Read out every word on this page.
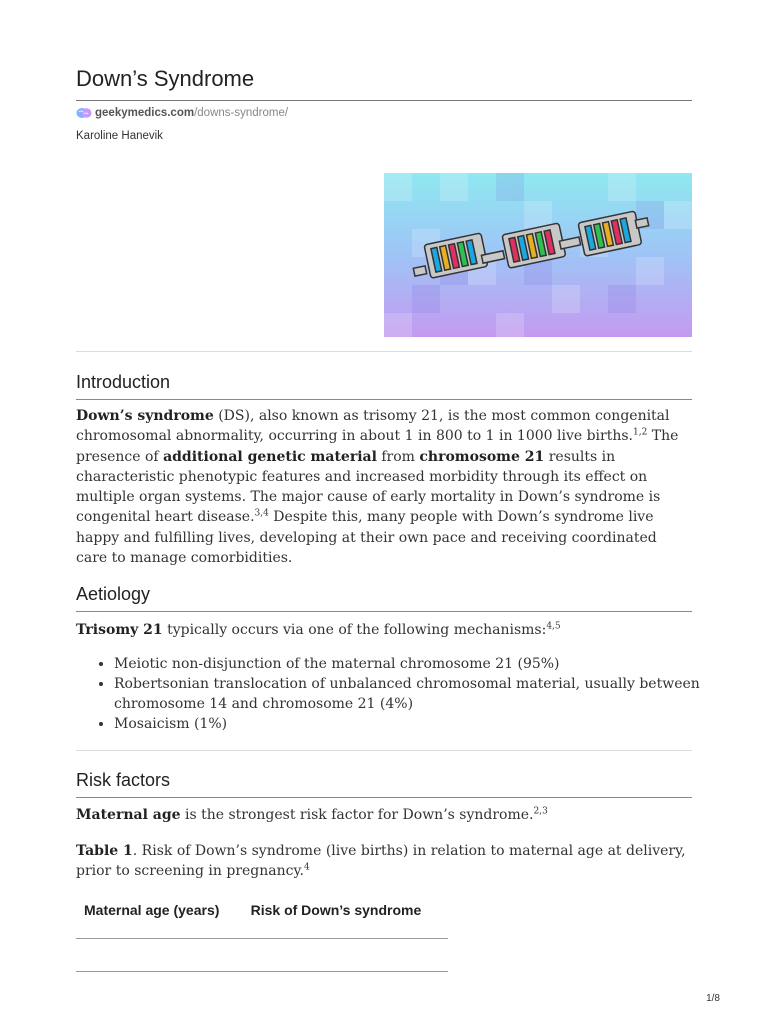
Down’s Syndrome
geekymedics.com/downs-syndrome/
Karoline Hanevik
Introduction

Down’s syndrome (DS), also known as trisomy 21, is the most common congenital chromosomal abnormality, occurring in about 1 in 800 to 1 in 1000 live births.$^{1,2}$ The presence of additional genetic material from chromosome 21 results in characteristic phenotypic features and increased morbidity through its effect on multiple organ systems. The major cause of early mortality in Down’s syndrome is congenital heart disease.$^{3,4}$ Despite this, many people with Down’s syndrome live happy and fulfilling lives, developing at their own pace and receiving coordinated care to manage comorbidities.

Aetiology

Trisomy 21 typically occurs via one of the following mechanisms:$^{4,5}$

• Meiotic non-disjunction of the maternal chromosome 21 (95%)
• Robertsonian translocation of unbalanced chromosomal material, usually between chromosome 14 and chromosome 21 (4%)
• Mosaicism (1%)
Risk factors

Maternal age is the strongest risk factor for Down’s syndrome.$^{2,3}$

Table 1. Risk of Down’s syndrome (live births) in relation to maternal age at delivery, prior to screening in pregnancy.$^4$

Maternal age (years)	Risk of Down’s syndrome

1/8
